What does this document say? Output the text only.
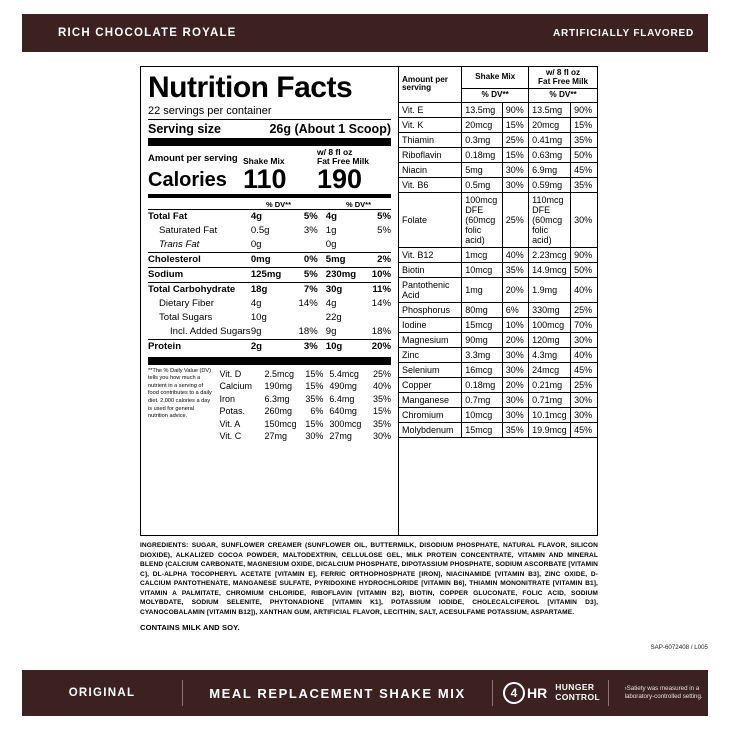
RICH CHOCOLATE ROYALE	ARTIFICIALLY FLAVORED
Nutrition Facts
22 servings per container
Serving size	26g (About 1 Scoop)
Amount per serving Shake Mix
w/ 8 fl oz
Fat Free Milk
Calories 110	190
% DV**	% DV**
Total Fat	4g	5%	4g	5%
Saturated Fat	0.5g	3%	1g	5%
Trans Fat	0g		0g	
Cholesterol	0mg	0%	5mg	2%
Sodium	125mg	5%	230mg	10%
Total Carbohydrate	18g	7%	30g	11%
Dietary Fiber	4g	14%	4g	14%
Total Sugars	10g		22g	
Incl. Added Sugars	9g	18%	9g	18%
Protein	2g	3%	10g	20%
**The % Daily Value (DV) tells you how much a nutrient in a serving of food contributes to a daily diet. 2,000 calories a day is used for general nutrition advice.
Vit. D	2.5mcg	15%	5.4mcg	25%
Calcium	190mg	15%	490mg	40%
Iron	6.3mg	35%	6.4mg	35%
Potas.	260mg	6%	640mg	15%
Vit. A	150mcg	15%	300mcg	35%
Vit. C	27mg	30%	27mg	30%
Amount per
serving
	Shake Mix	w/ 8 fl oz
Fat Free Milk

	% DV**		% DV**	
Vit. E	13.5mg	90%	13.5mg	90%
Vit. K	20mcg	15%	20mcg	15%
Thiamin	0.3mg	25%	0.41mg	35%
Riboflavin	0.18mg	15%	0.63mg	50%
Niacin	5mg	30%	6.9mg	45%
Vit. B6	0.5mg	30%	0.59mg	35%
Folate	100mcg DFE (60mcg folic acid)	25%	110mcg DFE (60mcg folic acid)	30%
Vit. B12	1mcg	40%	2.23mcg	90%
Biotin	10mcg	35%	14.9mcg	50%
Pantothenic Acid	1mg	20%	1.9mg	40%
Phosphorus	80mg	6%	330mg	25%
Iodine	15mcg	10%	100mcg	70%
Magnesium	90mg	20%	120mg	30%
Zinc	3.3mg	30%	4.3mg	40%
Selenium	16mcg	30%	24mcg	45%
Copper	0.18mg	20%	0.21mg	25%
Manganese	0.7mg	30%	0.71mg	30%
Chromium	10mcg	30%	10.1mcg	30%
Molybdenum	15mcg	35%	19.9mcg	45%
INGREDIENTS: SUGAR, SUNFLOWER CREAMER (SUNFLOWER OIL, BUTTERMILK, DISODIUM PHOSPHATE, NATURAL FLAVOR, SILICON DIOXIDE), ALKALIZED COCOA POWDER, MALTODEXTRIN, CELLULOSE GEL, MILK PROTEIN CONCENTRATE, VITAMIN AND MINERAL BLEND (CALCIUM CARBONATE, MAGNESIUM OXIDE, DICALCIUM PHOSPHATE, DIPOTASSIUM PHOSPHATE, SODIUM ASCORBATE [VITAMIN C], DL-ALPHA TOCOPHERYL ACETATE [VITAMIN E], FERRIC ORTHOPHOSPHATE [IRON], NIACINAMIDE [VITAMIN B3], ZINC OXIDE, D-CALCIUM PANTOTHENATE, MANGANESE SULFATE, PYRIDOXINE HYDROCHLORIDE [VITAMIN B6], THIAMIN MONONITRATE [VITAMIN B1], VITAMIN A PALMITATE, CHROMIUM CHLORIDE, RIBOFLAVIN [VITAMIN B2], BIOTIN, COPPER GLUCONATE, FOLIC ACID, SODIUM MOLYBDATE, SODIUM SELENITE, PHYTONADIONE [VITAMIN K1], POTASSIUM IODIDE, CHOLECALCIFEROL [VITAMIN D3], CYANOCOBALAMIN [VITAMIN B12]), XANTHAN GUM, ARTIFICIAL FLAVOR, LECITHIN, SALT, ACESULFAME POTASSIUM, ASPARTAME.
CONTAINS MILK AND SOY.
SAP-6072408 / L005
ORIGINAL	MEAL REPLACEMENT SHAKE MIX	4 HR HUNGER
CONTROL
›Satiety was measured in a laboratory-controlled setting.
